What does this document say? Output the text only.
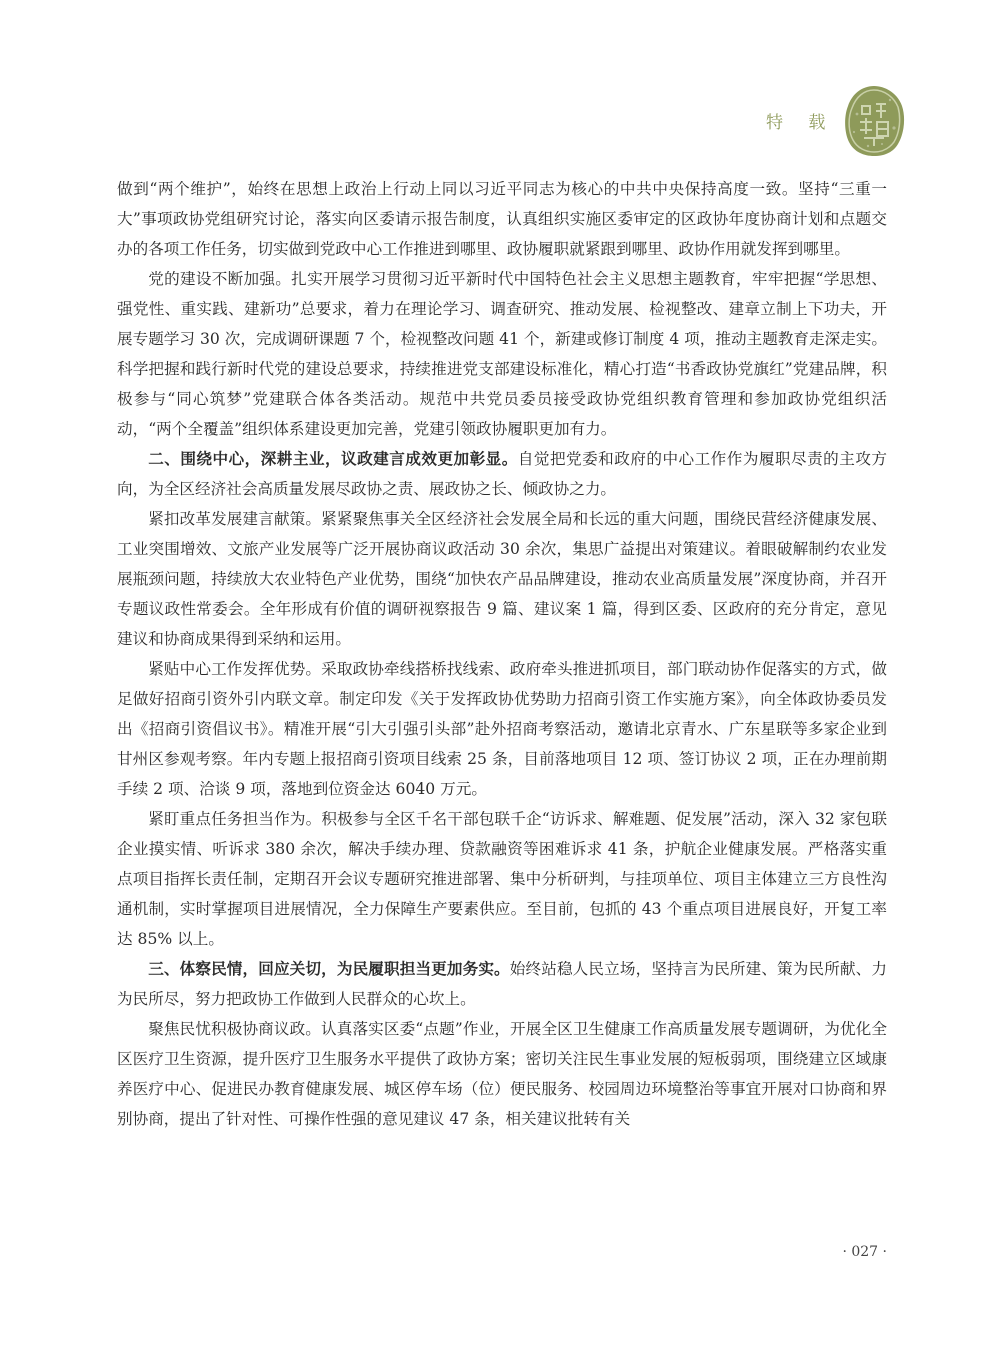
特 载

做到“两个维护”，始终在思想上政治上行动上同以习近平同志为核心的中共中央保持高度一致。坚持“三重一大”事项政协党组研究讨论，落实向区委请示报告制度，认真组织实施区委审定的区政协年度协商计划和点题交办的各项工作任务，切实做到党政中心工作推进到哪里、政协履职就紧跟到哪里、政协作用就发挥到哪里。

党的建设不断加强。扎实开展学习贯彻习近平新时代中国特色社会主义思想主题教育，牢牢把握“学思想、强党性、重实践、建新功”总要求，着力在理论学习、调查研究、推动发展、检视整改、建章立制上下功夫，开展专题学习 30 次，完成调研课题 7 个，检视整改问题 41 个，新建或修订制度 4 项，推动主题教育走深走实。科学把握和践行新时代党的建设总要求，持续推进党支部建设标准化，精心打造“书香政协党旗红”党建品牌，积极参与“同心筑梦”党建联合体各类活动。规范中共党员委员接受政协党组织教育管理和参加政协党组织活动，“两个全覆盖”组织体系建设更加完善，党建引领政协履职更加有力。

二、围绕中心，深耕主业，议政建言成效更加彰显。自觉把党委和政府的中心工作作为履职尽责的主攻方向，为全区经济社会高质量发展尽政协之责、展政协之长、倾政协之力。

紧扣改革发展建言献策。紧紧聚焦事关全区经济社会发展全局和长远的重大问题，围绕民营经济健康发展、工业突围增效、文旅产业发展等广泛开展协商议政活动 30 余次，集思广益提出对策建议。着眼破解制约农业发展瓶颈问题，持续放大农业特色产业优势，围绕“加快农产品品牌建设，推动农业高质量发展”深度协商，并召开专题议政性常委会。全年形成有价值的调研视察报告 9 篇、建议案 1 篇，得到区委、区政府的充分肯定，意见建议和协商成果得到采纳和运用。

紧贴中心工作发挥优势。采取政协牵线搭桥找线索、政府牵头推进抓项目，部门联动协作促落实的方式，做足做好招商引资外引内联文章。制定印发《关于发挥政协优势助力招商引资工作实施方案》，向全体政协委员发出《招商引资倡议书》。精准开展“引大引强引头部”赴外招商考察活动，邀请北京青水、广东星联等多家企业到甘州区参观考察。年内专题上报招商引资项目线索 25 条，目前落地项目 12 项、签订协议 2 项，正在办理前期手续 2 项、洽谈 9 项，落地到位资金达 6040 万元。

紧盯重点任务担当作为。积极参与全区千名干部包联千企“访诉求、解难题、促发展”活动，深入 32 家包联企业摸实情、听诉求 380 余次，解决手续办理、贷款融资等困难诉求 41 条，护航企业健康发展。严格落实重点项目指挥长责任制，定期召开会议专题研究推进部署、集中分析研判，与挂项单位、项目主体建立三方良性沟通机制，实时掌握项目进展情况，全力保障生产要素供应。至目前，包抓的 43 个重点项目进展良好，开复工率达 85% 以上。

三、体察民情，回应关切，为民履职担当更加务实。始终站稳人民立场，坚持言为民所建、策为民所献、力为民所尽，努力把政协工作做到人民群众的心坎上。

聚焦民忧积极协商议政。认真落实区委“点题”作业，开展全区卫生健康工作高质量发展专题调研，为优化全区医疗卫生资源，提升医疗卫生服务水平提供了政协方案；密切关注民生事业发展的短板弱项，围绕建立区域康养医疗中心、促进民办教育健康发展、城区停车场（位）便民服务、校园周边环境整治等事宜开展对口协商和界别协商，提出了针对性、可操作性强的意见建议 47 条，相关建议批转有关

· 027 ·
